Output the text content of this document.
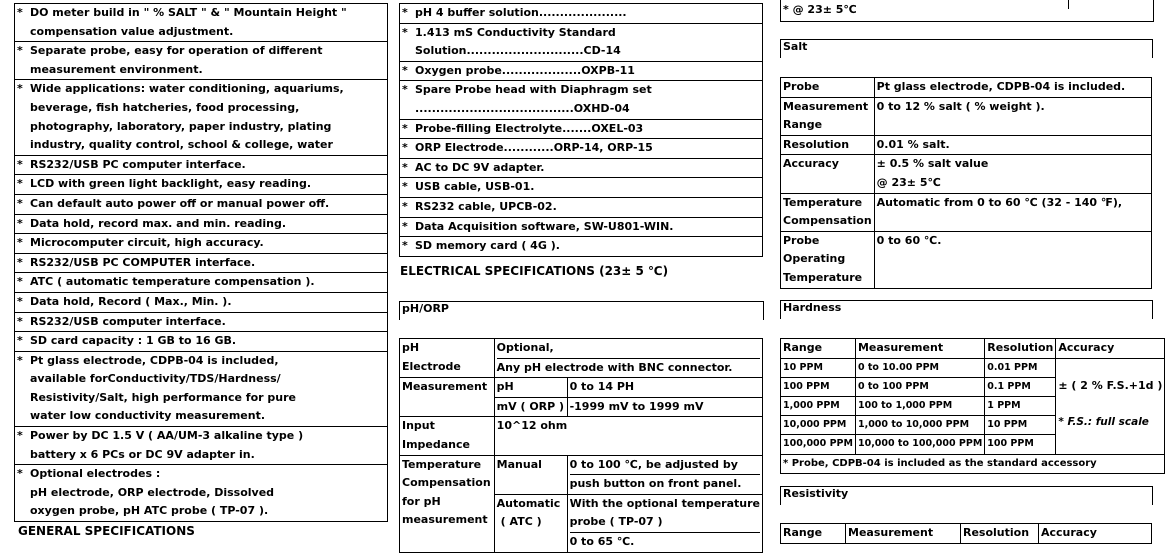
* DO meter build in " % SALT " & " Mountain Height "
compensation value adjustment.

* Separate probe, easy for operation of different
measurement environment.

* Wide applications: water conditioning, aquariums,
beverage, fish hatcheries, food processing,
photography, laboratory, paper industry, plating
industry, quality control, school & college, water

* RS232/USB PC computer interface.

* LCD with green light backlight, easy reading.

* Can default auto power off or manual power off.

* Data hold, record max. and min. reading.

* Microcomputer circuit, high accuracy.

* RS232/USB PC COMPUTER interface.

* ATC ( automatic temperature compensation ).

* Data hold, Record ( Max., Min. ).

* RS232/USB computer interface.

* SD card capacity : 1 GB to 16 GB.

* Pt glass electrode, CDPB-04 is included,
available forConductivity/TDS/Hardness/
Resistivity/Salt, high performance for pure
water low conductivity measurement.

* Power by DC 1.5 V ( AA/UM-3 alkaline type )
battery x 6 PCs or DC 9V adapter in.

* Optional electrodes :
pH electrode, ORP electrode, Dissolved
oxygen probe, pH ATC probe ( TP-07 ).
GENERAL SPECIFICATIONS
* pH 4 buffer solution.....................

* 1.413 mS Conductivity Standard
Solution............................CD-14

* Oxygen probe...................OXPB-11

* Spare Probe head with Diaphragm set
......................................OXHD-04

* Probe-filling Electrolyte.......OXEL-03

* ORP Electrode............ORP-14, ORP-15

* AC to DC 9V adapter.

* USB cable, USB-01.

* RS232 cable, UPCB-02.

* Data Acquisition software, SW-U801-WIN.

* SD memory card ( 4G ).
ELECTRICAL SPECIFICATIONS (23± 5 ℃)
pH/ORP
pH
Electrode	Optional,
Any pH electrode with BNC connector.	

Measurement	pH	0 to 14 PH
	mV ( ORP )	-1999 mV to 1999 mV

Input
Impedance	10^12 ohm	

Temperature
Compensation
for pH
measurement	Manual	0 to 100 ℃, be adjusted by
push button on front panel.

	Automatic
( ATC )	With the optional temperature
probe ( TP-07 )
0 to 65 ℃.
* @ 23± 5℃
Salt
Probe	Pt glass electrode, CDPB-04 is included.

Measurement
Range	0 to 12 % salt ( % weight ).

Resolution	0.01 % salt.

Accuracy	± 0.5 % salt value
@ 23± 5℃

Temperature
Compensation	Automatic from 0 to 60 ℃ (32 - 140 ℉),

Probe
Operating
Temperature	0 to 60 ℃.
Hardness
Range	Measurement	Resolution	Accuracy
10 PPM	0 to 10.00 PPM	0.01 PPM	± ( 2 % F.S.+1d )
* F.S.: full scale

100 PPM	0 to 100 PPM	0.1 PPM	
1,000 PPM	100 to 1,000 PPM	1 PPM	
10,000 PPM	1,000 to 10,000 PPM	10 PPM	
100,000 PPM	10,000 to 100,000 PPM	100 PPM	
* Probe, CDPB-04 is included as the standard accessory			
Resistivity
Range	Measurement	Resolution	Accuracy
